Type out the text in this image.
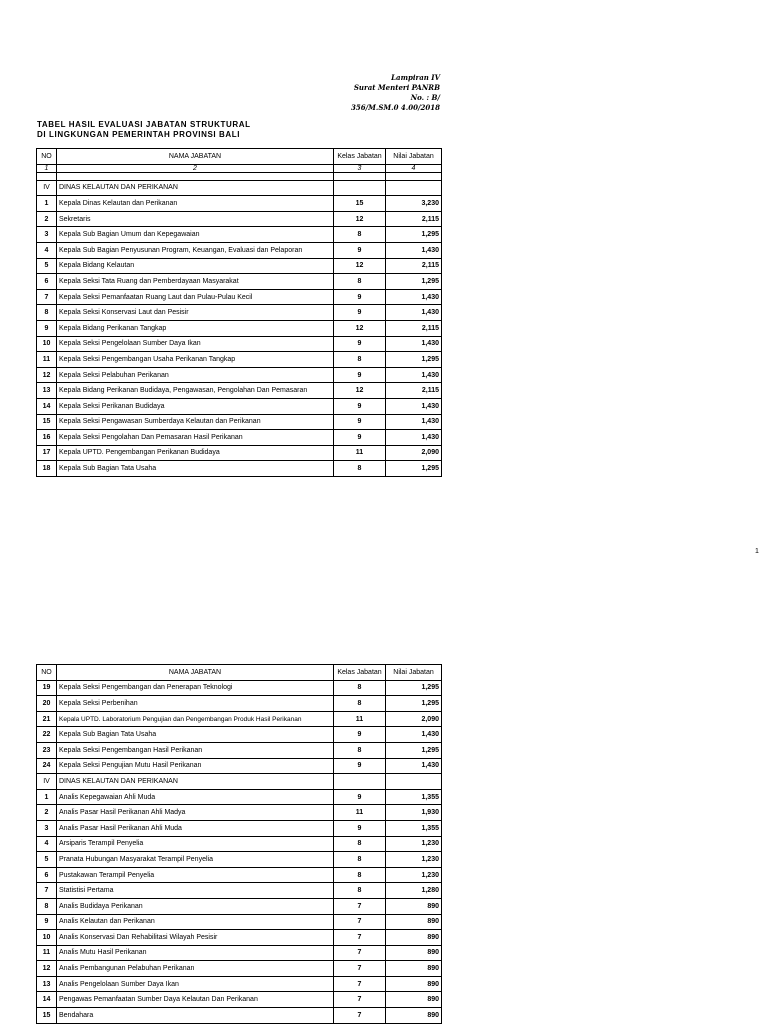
Lampiran IV
Surat Menteri PANRB
No. : B/
356/M.SM.0 4.00/2018
TABEL HASIL EVALUASI JABATAN STRUKTURAL
DI LINGKUNGAN PEMERINTAH PROVINSI BALI
NO	NAMA JABATAN	Kelas Jabatan	Nilai Jabatan
1	2	3	4

IV	DINAS KELAUTAN DAN PERIKANAN		
1	Kepala Dinas Kelautan dan Perikanan	15	3,230
2	Sekretaris	12	2,115
3	Kepala Sub Bagian Umum dan Kepegawaian	8	1,295
4	Kepala Sub Bagian Penyusunan Program, Keuangan, Evaluasi dan Pelaporan	9	1,430
5	Kepala Bidang Kelautan	12	2,115
6	Kepala Seksi Tata Ruang dan Pemberdayaan Masyarakat	8	1,295
7	Kepala Seksi Pemanfaatan Ruang Laut dan Pulau-Pulau Kecil	9	1,430
8	Kepala Seksi Konservasi Laut dan Pesisir	9	1,430
9	Kepala Bidang Perikanan Tangkap	12	2,115
10	Kepala Seksi Pengelolaan Sumber Daya Ikan	9	1,430
11	Kepala Seksi Pengembangan Usaha Perikanan Tangkap	8	1,295
12	Kepala Seksi Pelabuhan Perikanan	9	1,430
13	Kepala Bidang Perikanan Budidaya, Pengawasan, Pengolahan Dan Pemasaran	12	2,115
14	Kepala Seksi Perikanan Budidaya	9	1,430
15	Kepala Seksi Pengawasan Sumberdaya Kelautan dan Perikanan	9	1,430
16	Kepala Seksi Pengolahan Dan Pemasaran Hasil Perikanan	9	1,430
17	Kepala UPTD. Pengembangan Perikanan Budidaya	11	2,090
18	Kepala Sub Bagian Tata Usaha	8	1,295
1
NO	NAMA JABATAN	Kelas Jabatan	Nilai Jabatan
19	Kepala Seksi Pengembangan dan Penerapan Teknologi	8	1,295
20	Kepala Seksi Perbenihan	8	1,295
21	Kepala UPTD. Laboratorium Pengujian dan Pengembangan Produk Hasil Perikanan	11	2,090
22	Kepala Sub Bagian Tata Usaha	9	1,430
23	Kepala Seksi Pengembangan Hasil Perikanan	8	1,295
24	Kepala Seksi Pengujian Mutu Hasil Perikanan	9	1,430
IV	DINAS KELAUTAN DAN PERIKANAN		
1	Analis Kepegawaian Ahli Muda	9	1,355
2	Analis Pasar Hasil Perikanan Ahli Madya	11	1,930
3	Analis Pasar Hasil Perikanan Ahli Muda	9	1,355
4	Arsiparis Terampil Penyelia	8	1,230
5	Pranata Hubungan Masyarakat Terampil Penyelia	8	1,230
6	Pustakawan Terampil Penyelia	8	1,230
7	Statistisi Pertama	8	1,280
8	Analis Budidaya Perikanan	7	890
9	Analis Kelautan dan Perikanan	7	890
10	Analis Konservasi Dan Rehabilitasi Wilayah Pesisir	7	890
11	Analis Mutu Hasil Perikanan	7	890
12	Analis Pembangunan Pelabuhan Perikanan	7	890
13	Analis Pengelolaan Sumber Daya Ikan	7	890
14	Pengawas Pemanfaatan Sumber Daya Kelautan Dan Perikanan	7	890
15	Bendahara	7	890
